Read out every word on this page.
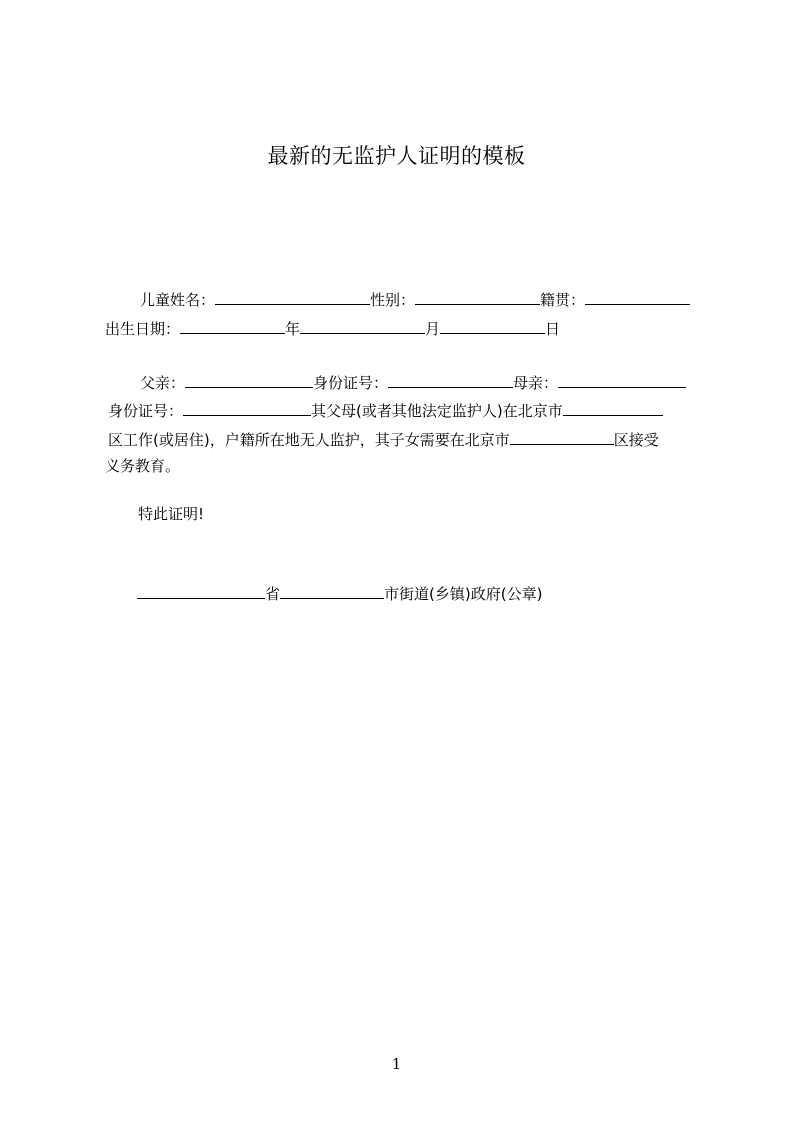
最新的无监护人证明的模板
儿童姓名：	性别：	籍贯：
出生日期：	年	月	日
父亲：	身份证号：	母亲：
身份证号：	其父母(或者其他法定监护人)在北京市
区工作(或居住)，户籍所在地无人监护，其子女需要在北京市	区接受
义务教育。
特此证明!
省	市街道(乡镇)政府(公章)
1
